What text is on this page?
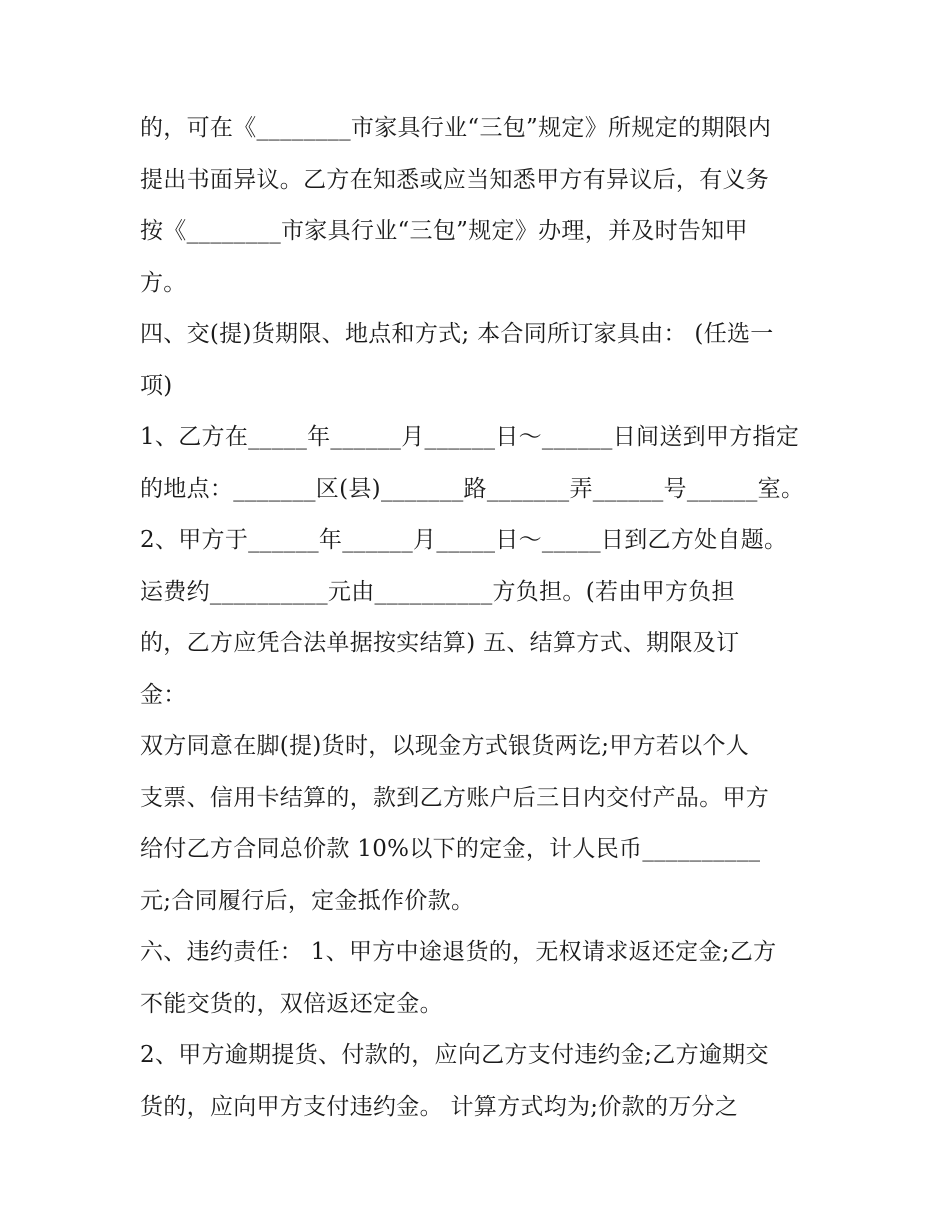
的，可在《________市家具行业“三包”规定》所规定的期限内
提出书面异议。乙方在知悉或应当知悉甲方有异议后，有义务
按《________市家具行业“三包”规定》办理，并及时告知甲
方。
四、交(提)货期限、地点和方式; 本合同所订家具由： (任选一
项)
1、乙方在_____年______月______日～______日间送到甲方指定
的地点：_______区(县)_______路_______弄______号______室。
2、甲方于______年______月_____日～_____日到乙方处自题。
运费约__________元由__________方负担。(若由甲方负担
的，乙方应凭合法单据按实结算) 五、结算方式、期限及订
金：
双方同意在脚(提)货时，以现金方式银货两讫;甲方若以个人
支票、信用卡结算的，款到乙方账户后三日内交付产品。甲方
给付乙方合同总价款 10%以下的定金，计人民币__________
元;合同履行后，定金抵作价款。
六、违约责任： 1、甲方中途退货的，无权请求返还定金;乙方
不能交货的，双倍返还定金。
2、甲方逾期提货、付款的，应向乙方支付违约金;乙方逾期交
货的，应向甲方支付违约金。 计算方式均为;价款的万分之
